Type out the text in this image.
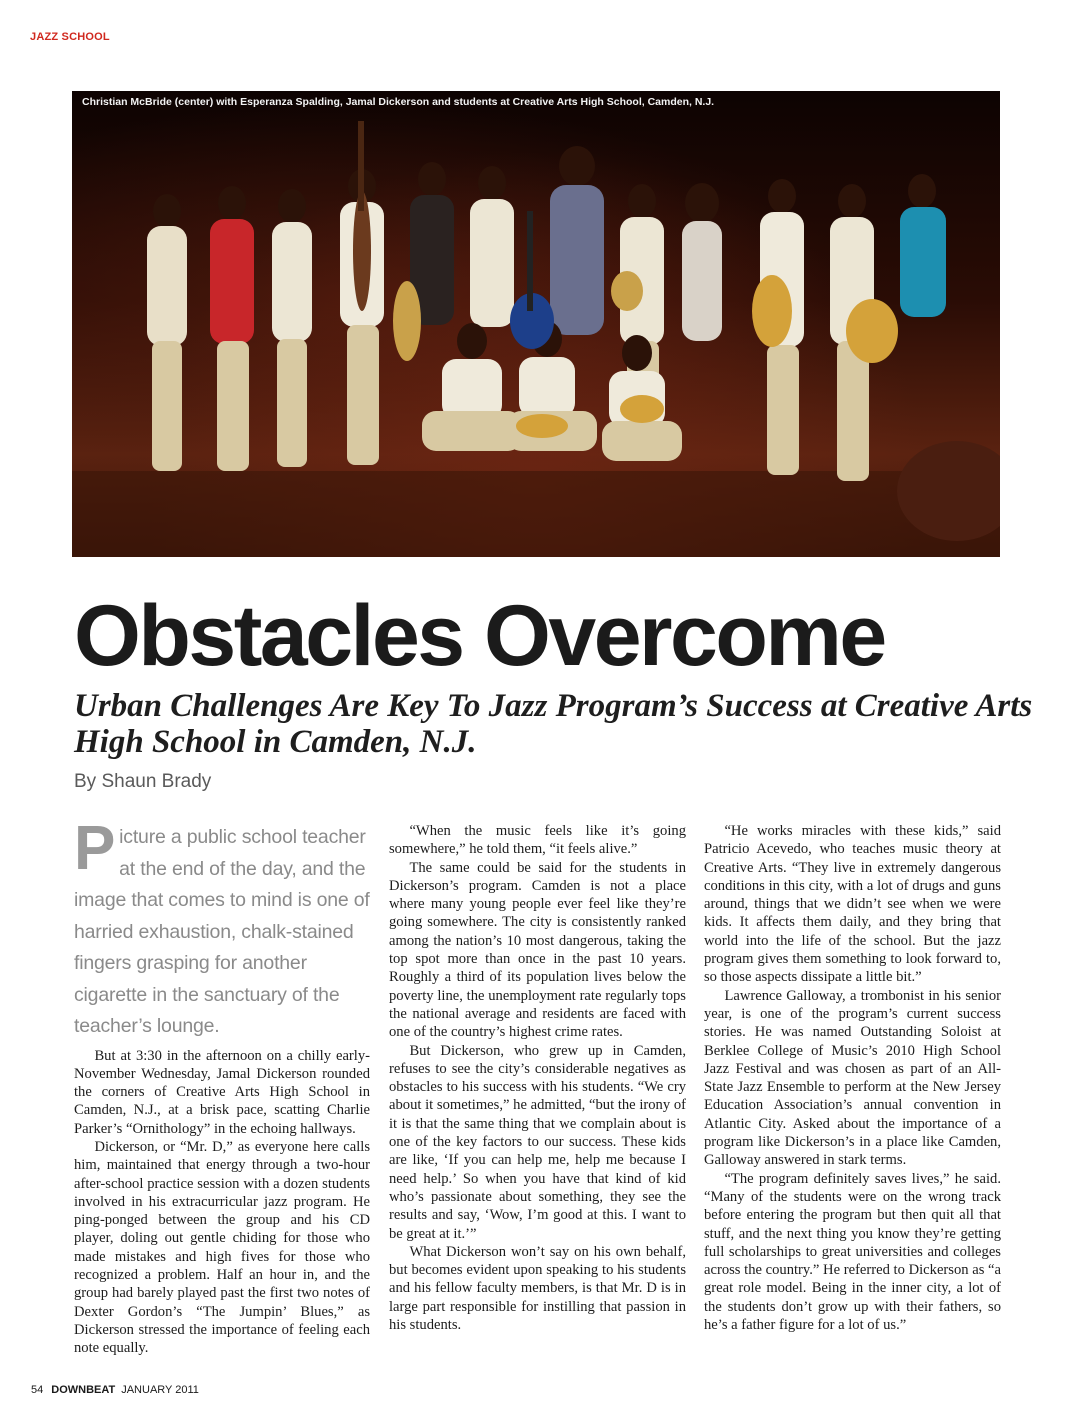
JAZZ SCHOOL
Christian McBride (center) with Esperanza Spalding, Jamal Dickerson and students at Creative Arts High School, Camden, N.J.
Obstacles Overcome
Urban Challenges Are Key To Jazz Program’s Success at Creative Arts High School in Camden, N.J.
By Shaun Brady

Picture a public school teacher at the end of the day, and the image that comes to mind is one of harried exhaustion, chalk-stained fingers grasping for another cigarette in the sanctuary of the teacher’s lounge.

But at 3:30 in the afternoon on a chilly early-November Wednesday, Jamal Dickerson rounded the corners of Creative Arts High School in Camden, N.J., at a brisk pace, scatting Charlie Parker’s “Ornithology” in the echoing hallways.

Dickerson, or “Mr. D,” as everyone here calls him, maintained that energy through a two-hour after-school practice session with a dozen students involved in his extracurricular jazz program. He ping-ponged between the group and his CD player, doling out gentle chiding for those who made mistakes and high fives for those who recognized a problem. Half an hour in, and the group had barely played past the first two notes of Dexter Gordon’s “The Jumpin’ Blues,” as Dickerson stressed the importance of feeling each note equally.

“When the music feels like it’s going somewhere,” he told them, “it feels alive.”

The same could be said for the students in Dickerson’s program. Camden is not a place where many young people ever feel like they’re going somewhere. The city is consistently ranked among the nation’s 10 most dangerous, taking the top spot more than once in the past 10 years. Roughly a third of its population lives below the poverty line, the unemployment rate regularly tops the national average and residents are faced with one of the country’s highest crime rates.

But Dickerson, who grew up in Camden, refuses to see the city’s considerable negatives as obstacles to his success with his students. “We cry about it sometimes,” he admitted, “but the irony of it is that the same thing that we complain about is one of the key factors to our success. These kids are like, ‘If you can help me, help me because I need help.’ So when you have that kind of kid who’s passionate about something, they see the results and say, ‘Wow, I’m good at this. I want to be great at it.’”

What Dickerson won’t say on his own behalf, but becomes evident upon speaking to his students and his fellow faculty members, is that Mr. D is in large part responsible for instilling that passion in his students.

“He works miracles with these kids,” said Patricio Acevedo, who teaches music theory at Creative Arts. “They live in extremely dangerous conditions in this city, with a lot of drugs and guns around, things that we didn’t see when we were kids. It affects them daily, and they bring that world into the life of the school. But the jazz program gives them something to look forward to, so those aspects dissipate a little bit.”

Lawrence Galloway, a trombonist in his senior year, is one of the program’s current success stories. He was named Outstanding Soloist at Berklee College of Music’s 2010 High School Jazz Festival and was chosen as part of an All-State Jazz Ensemble to perform at the New Jersey Education Association’s annual convention in Atlantic City. Asked about the importance of a program like Dickerson’s in a place like Camden, Galloway answered in stark terms.

“The program definitely saves lives,” he said. “Many of the students were on the wrong track before entering the program but then quit all that stuff, and the next thing you know they’re getting full scholarships to great universities and colleges across the country.” He referred to Dickerson as “a great role model. Being in the inner city, a lot of the students don’t grow up with their fathers, so he’s a father figure for a lot of us.”

54 DOWNBEAT JANUARY 2011
